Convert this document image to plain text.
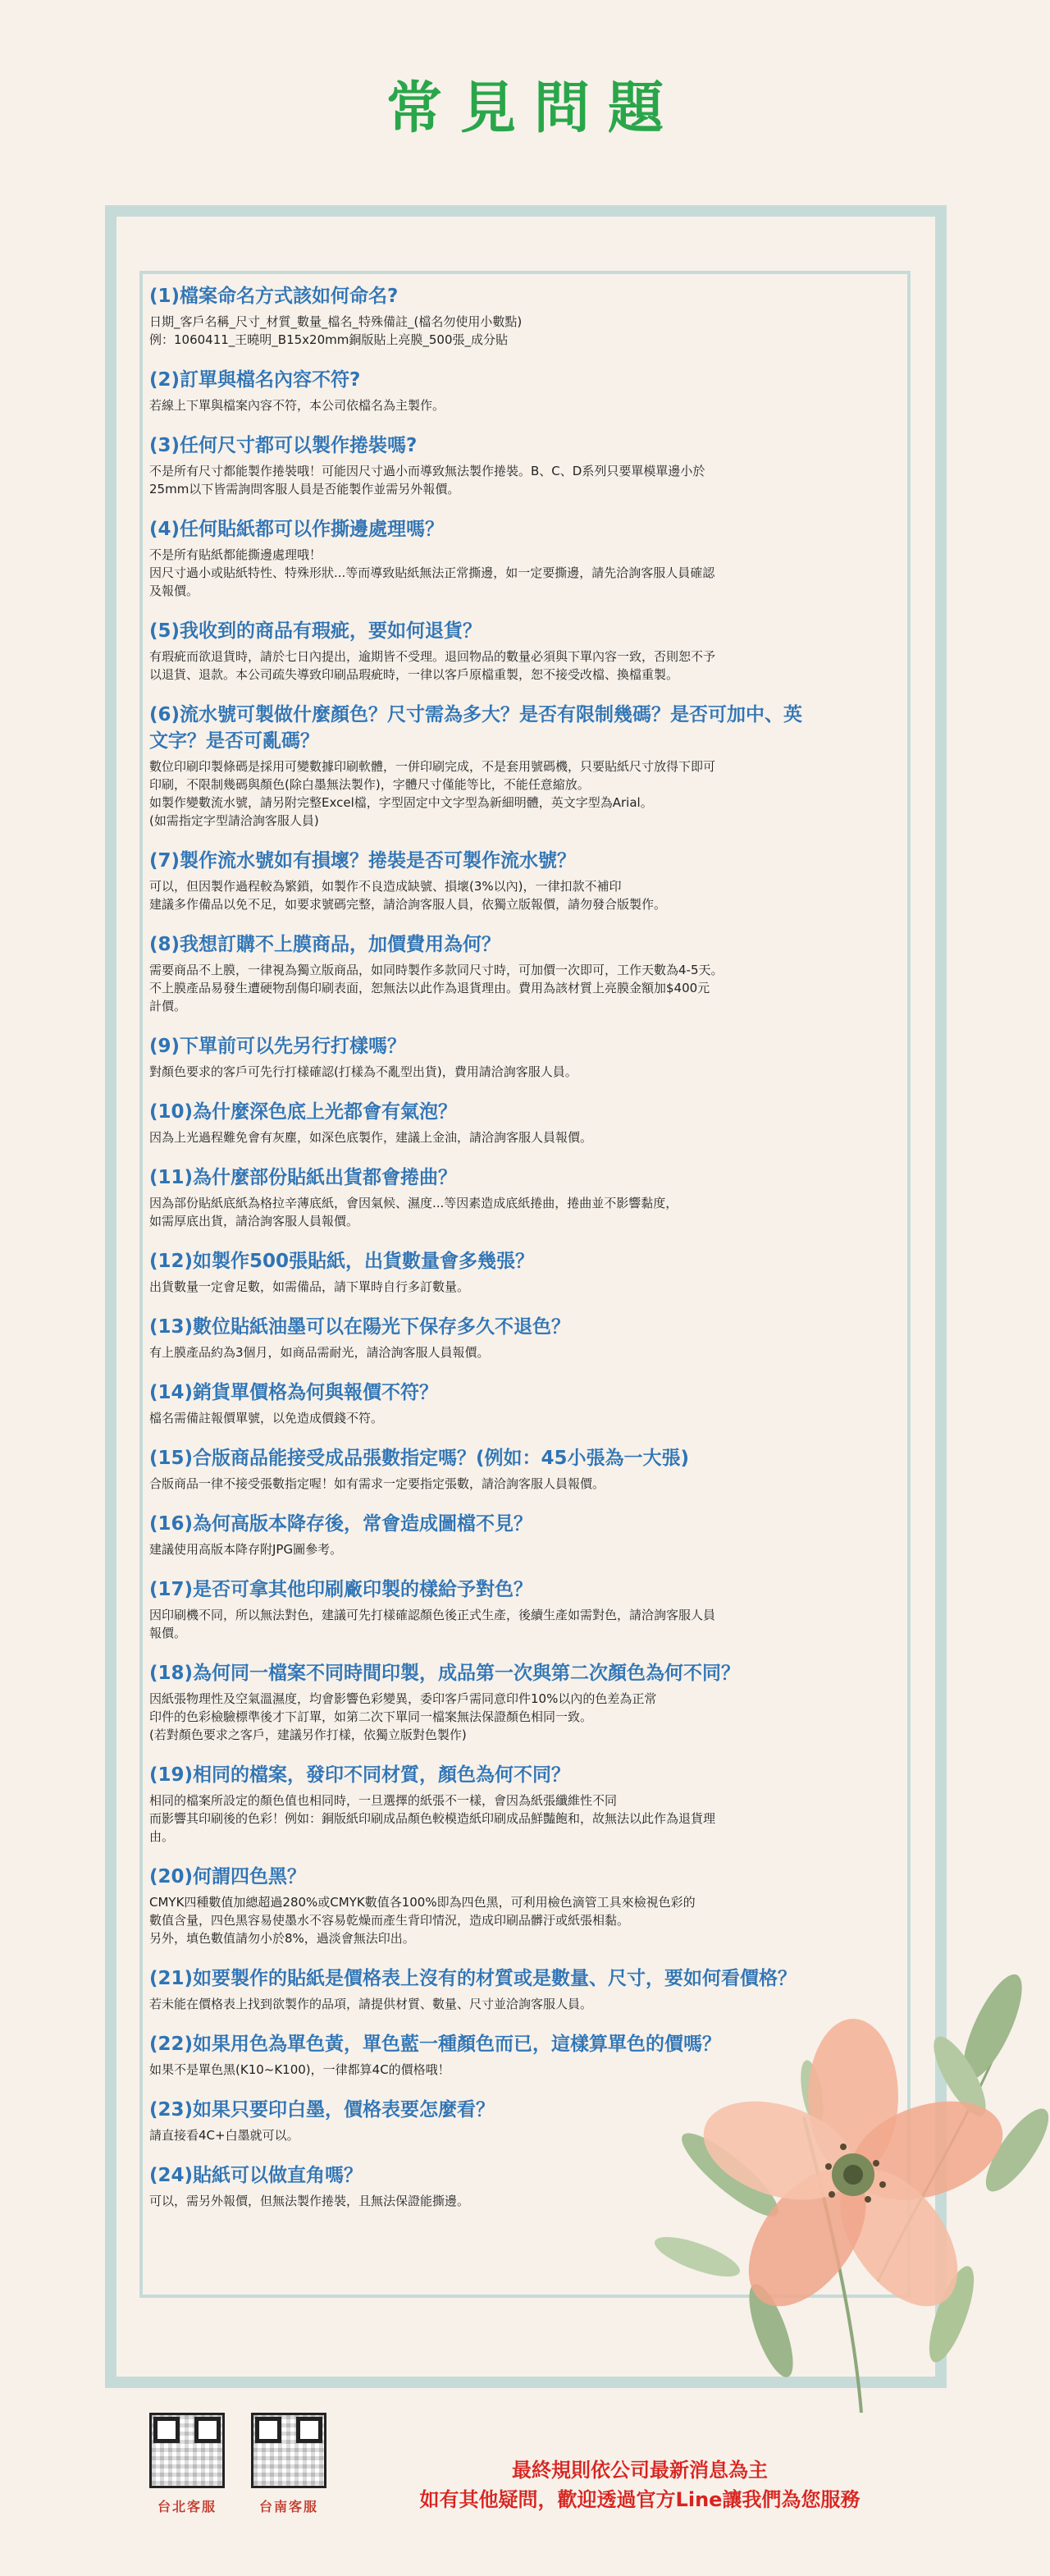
常見問題
(1)檔案命名方式該如何命名?
日期_客戶名稱_尺寸_材質_數量_檔名_特殊備註_(檔名勿使用小數點)
例：1060411_王曉明_B15x20mm銅版貼上亮膜_500張_成分貼
(2)訂單與檔名內容不符?
若線上下單與檔案內容不符，本公司依檔名為主製作。
(3)任何尺寸都可以製作捲裝嗎?
不是所有尺寸都能製作捲裝哦！可能因尺寸過小而導致無法製作捲裝。B、C、D系列只要單模單邊小於
25mm以下皆需詢問客服人員是否能製作並需另外報價。
(4)任何貼紙都可以作撕邊處理嗎？
不是所有貼紙都能撕邊處理哦！
因尺寸過小或貼紙特性、特殊形狀...等而導致貼紙無法正常撕邊，如一定要撕邊，請先洽詢客服人員確認
及報價。
(5)我收到的商品有瑕疵，要如何退貨？
有瑕疵而欲退貨時，請於七日內提出，逾期皆不受理。退回物品的數量必須與下單內容一致，否則恕不予
以退貨、退款。本公司疏失導致印刷品瑕疵時，一律以客戶原檔重製，恕不接受改檔、換檔重製。
(6)流水號可製做什麼顏色？尺寸需為多大？是否有限制幾碼？是否可加中、英
文字？是否可亂碼？
數位印刷印製條碼是採用可變數據印刷軟體，一併印刷完成，不是套用號碼機，只要貼紙尺寸放得下即可
印刷，不限制幾碼與顏色(除白墨無法製作)，字體尺寸僅能等比，不能任意縮放。
如製作變數流水號，請另附完整Excel檔，字型固定中文字型為新細明體，英文字型為Arial。
(如需指定字型請洽詢客服人員)
(7)製作流水號如有損壞？捲裝是否可製作流水號？
可以，但因製作過程較為繁鎖，如製作不良造成缺號、損壞(3%以內)，一律扣款不補印
建議多作備品以免不足，如要求號碼完整，請洽詢客服人員，依獨立版報價，請勿發合版製作。
(8)我想訂購不上膜商品，加價費用為何？
需要商品不上膜，一律視為獨立版商品，如同時製作多款同尺寸時，可加價一次即可，工作天數為4-5天。
不上膜產品易發生遭硬物刮傷印刷表面，恕無法以此作為退貨理由。費用為該材質上亮膜金額加$400元
計價。
(9)下單前可以先另行打樣嗎？
對顏色要求的客戶可先行打樣確認(打樣為不亂型出貨)，費用請洽詢客服人員。
(10)為什麼深色底上光都會有氣泡？
因為上光過程難免會有灰塵，如深色底製作，建議上金油，請洽詢客服人員報價。
(11)為什麼部份貼紙出貨都會捲曲？
因為部份貼紙底紙為格拉辛薄底紙，會因氣候、濕度...等因素造成底紙捲曲，捲曲並不影響黏度，
如需厚底出貨，請洽詢客服人員報價。
(12)如製作500張貼紙，出貨數量會多幾張？
出貨數量一定會足數，如需備品，請下單時自行多訂數量。
(13)數位貼紙油墨可以在陽光下保存多久不退色？
有上膜產品約為3個月，如商品需耐光，請洽詢客服人員報價。
(14)銷貨單價格為何與報價不符？
檔名需備註報價單號，以免造成價錢不符。
(15)合版商品能接受成品張數指定嗎？(例如：45小張為一大張)
合版商品一律不接受張數指定喔！如有需求一定要指定張數，請洽詢客服人員報價。
(16)為何高版本降存後，常會造成圖檔不見？
建議使用高版本降存附JPG圖參考。
(17)是否可拿其他印刷廠印製的樣給予對色？
因印刷機不同，所以無法對色，建議可先打樣確認顏色後正式生產，後續生產如需對色，請洽詢客服人員
報價。
(18)為何同一檔案不同時間印製，成品第一次與第二次顏色為何不同？
因紙張物理性及空氣溫濕度，均會影響色彩變異，委印客戶需同意印件10%以內的色差為正常
印件的色彩檢驗標準後才下訂單，如第二次下單同一檔案無法保證顏色相同一致。
(若對顏色要求之客戶，建議另作打樣，依獨立版對色製作)
(19)相同的檔案，發印不同材質，顏色為何不同？
相同的檔案所設定的顏色值也相同時，一旦選擇的紙張不一樣，會因為紙張纖維性不同
而影響其印刷後的色彩！例如：銅版紙印刷成品顏色較模造紙印刷成品鮮豔飽和，故無法以此作為退貨理
由。
(20)何謂四色黑？
CMYK四種數值加總超過280%或CMYK數值各100%即為四色黑，可利用檢色滴管工具來檢視色彩的
數值含量，四色黑容易使墨水不容易乾燥而產生背印情況，造成印刷品髒汙或紙張相黏。
另外，填色數值請勿小於8%，過淡會無法印出。
(21)如要製作的貼紙是價格表上沒有的材質或是數量、尺寸，要如何看價格？
若未能在價格表上找到欲製作的品項，請提供材質、數量、尺寸並洽詢客服人員。
(22)如果用色為單色黃，單色藍一種顏色而已，這樣算單色的價嗎？
如果不是單色黑(K10~K100)，一律都算4C的價格哦！
(23)如果只要印白墨，價格表要怎麼看？
請直接看4C+白墨就可以。
(24)貼紙可以做直角嗎？
可以，需另外報價，但無法製作捲裝，且無法保證能撕邊。
台北客服	台南客服
最終規則依公司最新消息為主
如有其他疑問，歡迎透過官方Line讓我們為您服務
